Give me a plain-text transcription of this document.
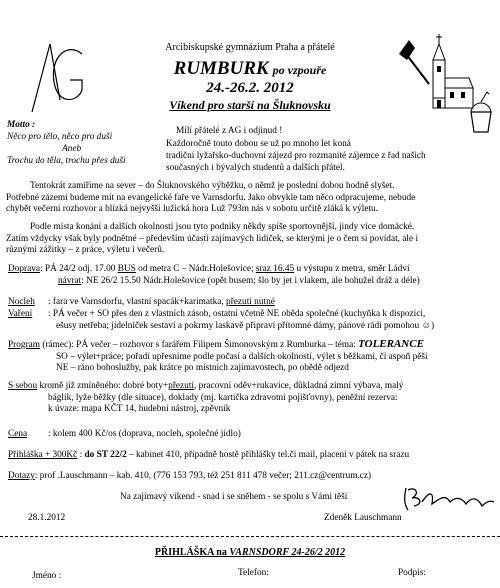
Arcibiskupské gymnázium Praha a přátelé
RUMBURK po vzpouře
24.-26.2. 2012
Víkend pro starší na Šluknovsku
Motto :
Něco pro tělo, něco pro duši
Aneb
Trochu do těla, trochu přes duši
Milí přátelé z AG i odjinud !
Každoročně touto dobou se už po mnoho let koná
tradiční lyžařsko-duchovní zájezd pro rozmanité zájemce z řad našich
současných i bývalých studentů a dalších přátel.
Tentokrát zamíříme na sever – do Šluknovského výběžku, o němž je poslední dobou hodně slyšet.
Potřebné zázemí budeme mít na evangelické faře ve Varnsdorfu. Jako obvykle tam něco odpracujeme, nebude
chybět večerní rozhovor a blízká nejvyšší lužická hora Luž 793m nás v sobotu určitě zláká k výletu.
Podle místa konání a dalších okolností jsou tyto podniky někdy spíše sportovnější, jindy více domácké.
Zatím vždycky však byly podnětné – především účastí zajímavých lidiček, se kterými je o čem si povídat, ale i
různými zážitky – z práce, výletu i večerů.
Doprava: PÁ 24/2 odj. 17.00 BUS od metra C – Nádr.Holešovice; sraz 16.45 u výstupu z metra, směr Ládví
návrat: NE 26/2 15.50 Nádr.Holešovice (opět busem; šlo by jet i vlakem, ale bohužel dráž a déle)
Nocleh : fara ve Varnsdorfu, vlastní spacák+karimatka, přezutí nutné
Vaření : PÁ večer + SO přes den z vlastních zásob, ostatní včetně NE oběda společné (kuchyňka k dispozici,
ešusy netřeba; jídelníček sestaví a pokrmy laskavě připraví přítomné dámy, pánové rádi pomohou ☺)
Program (rámec): PÁ večer – rozhovor s farářem Filipem Šimonovským z Rumburka – téma: TOLERANCE
SO – výlet+práce; pořadí upřesníme podle počasí a dalších okolností, výlet s běžkami, či aspoň pěší
NE – ráno bohoslužby, pak krátce po místních zajímavostech, po obědě odjezd
S sebou kromě již zmíněného: dobré boty+přezutí, pracovní oděv+rukavice, důkladná zimní výbava, malý
báglík, lyže běžky (dle situace), doklady (mj. kartička zdravotní pojišťovny), peněžní rezerva:
k úvaze: mapa KČT 14, hudební nástroj, zpěvník
Cena : kolem 400 Kč/os (doprava, nocleh, společné jídlo)
Přihláška + 300Kč : do ST 22/2 – kabinet 410, případně hostě přihlášky tel.či mail, placení v pátek na srazu
Dotazy: prof .Lauschmann – kab. 410, (776 153 793, též 251 811 478 večer; 211.cz@centrum.cz)
Na zajímavý víkend - snad i se sněhem - se spolu s Vámi těší
28.1.2012	Zdeněk Lauschmann
PŘIHLÁŠKA na VARNSDORF 24-26/2 2012
Jméno :	Telefon:	Podpis:
